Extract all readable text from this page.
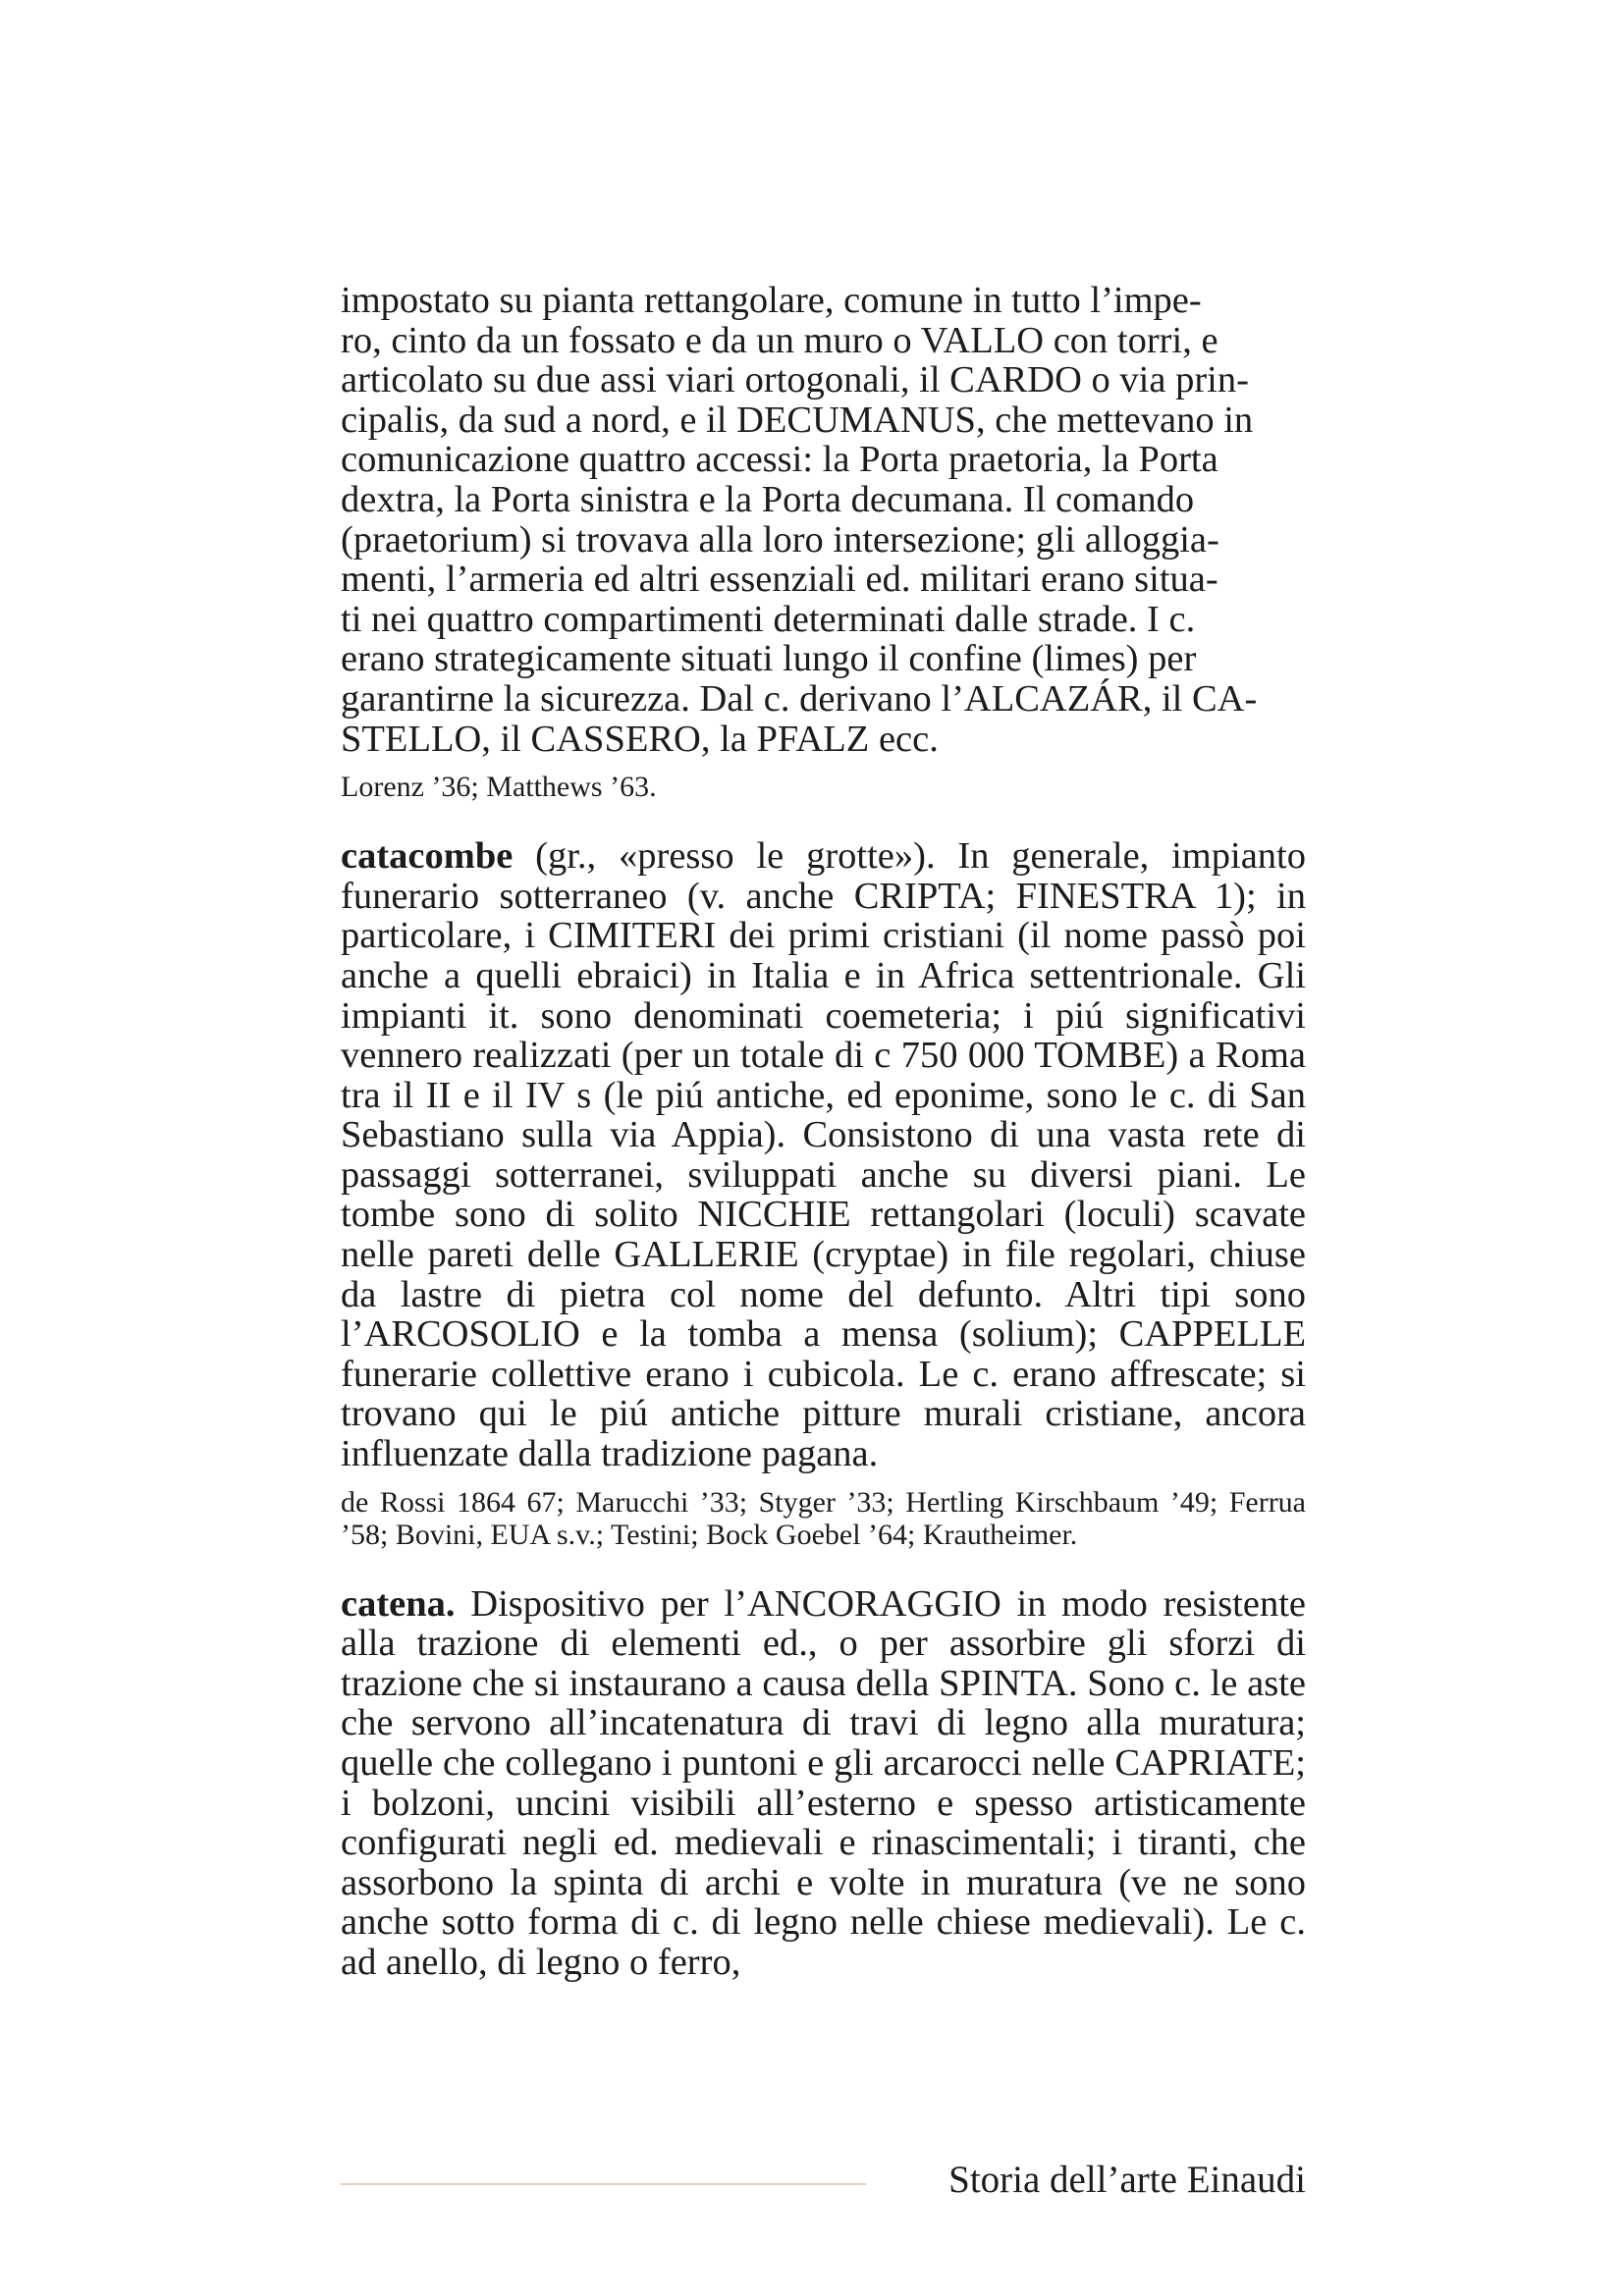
impostato su pianta rettangolare, comune in tutto l’impe-
ro, cinto da un fossato e da un muro o VALLO con torri, e
articolato su due assi viari ortogonali, il CARDO o via prin-
cipalis, da sud a nord, e il DECUMANUS, che mettevano in
comunicazione quattro accessi: la Porta praetoria, la Porta
dextra, la Porta sinistra e la Porta decumana. Il comando
(praetorium) si trovava alla loro intersezione; gli alloggia-
menti, l’armeria ed altri essenziali ed. militari erano situa-
ti nei quattro compartimenti determinati dalle strade. I c.
erano strategicamente situati lungo il confine (limes) per
garantirne la sicurezza. Dal c. derivano l’ALCAZÁR, il CA-
STELLO, il CASSERO, la PFALZ ecc.

Lorenz ’36; Matthews ’63.

catacombe (gr., «presso le grotte»). In generale, impianto funerario sotterraneo (v. anche CRIPTA; FINESTRA 1); in particolare, i CIMITERI dei primi cristiani (il nome passò poi anche a quelli ebraici) in Italia e in Africa settentrionale. Gli impianti it. sono denominati coemeteria; i piú significativi vennero realizzati (per un totale di c 750 000 TOMBE) a Roma tra il II e il IV s (le piú antiche, ed eponime, sono le c. di San Sebastiano sulla via Appia). Consistono di una vasta rete di passaggi sotterranei, sviluppati anche su diversi piani. Le tombe sono di solito NICCHIE rettangolari (loculi) scavate nelle pareti delle GALLERIE (cryptae) in file regolari, chiuse da lastre di pietra col nome del defunto. Altri tipi sono l’ARCOSOLIO e la tomba a mensa (solium); CAPPELLE funerarie collettive erano i cubicola. Le c. erano affrescate; si trovano qui le piú antiche pitture murali cristiane, ancora influenzate dalla tradizione pagana.

de Rossi 1864 67; Marucchi ’33; Styger ’33; Hertling Kirschbaum ’49; Ferrua ’58; Bovini, EUA s.v.; Testini; Bock Goebel ’64; Krautheimer.

catena. Dispositivo per l’ANCORAGGIO in modo resistente alla trazione di elementi ed., o per assorbire gli sforzi di trazione che si instaurano a causa della SPINTA. Sono c. le aste che servono all’incatenatura di travi di legno alla muratura; quelle che collegano i puntoni e gli arcarocci nelle CAPRIATE; i bolzoni, uncini visibili all’esterno e spesso artisticamente configurati negli ed. medievali e rinascimentali; i tiranti, che assorbono la spinta di archi e volte in muratura (ve ne sono anche sotto forma di c. di legno nelle chiese medievali). Le c. ad anello, di legno o ferro,

Storia dell’arte Einaudi
